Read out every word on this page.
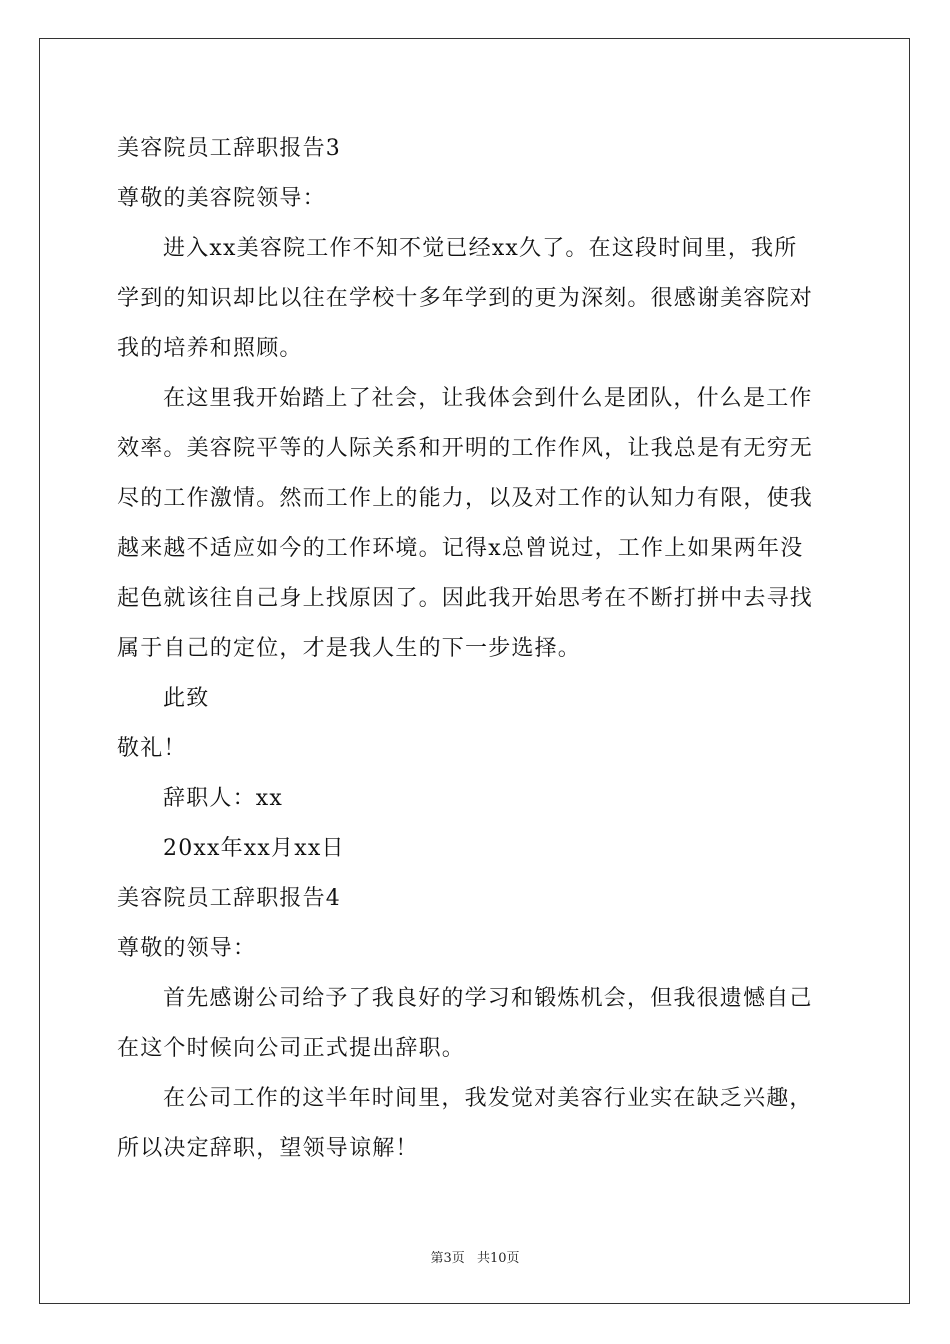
美容院员工辞职报告3
尊敬的美容院领导：
进入xx美容院工作不知不觉已经xx久了。在这段时间里，我所
学到的知识却比以往在学校十多年学到的更为深刻。很感谢美容院对
我的培养和照顾。
在这里我开始踏上了社会，让我体会到什么是团队，什么是工作
效率。美容院平等的人际关系和开明的工作作风，让我总是有无穷无
尽的工作激情。然而工作上的能力，以及对工作的认知力有限，使我
越来越不适应如今的工作环境。记得x总曾说过，工作上如果两年没
起色就该往自己身上找原因了。因此我开始思考在不断打拼中去寻找
属于自己的定位，才是我人生的下一步选择。
此致
敬礼！
辞职人：xx
20xx年xx月xx日
美容院员工辞职报告4
尊敬的领导：
首先感谢公司给予了我良好的学习和锻炼机会，但我很遗憾自己
在这个时候向公司正式提出辞职。
在公司工作的这半年时间里，我发觉对美容行业实在缺乏兴趣，
所以决定辞职，望领导谅解！
第3页 共10页
